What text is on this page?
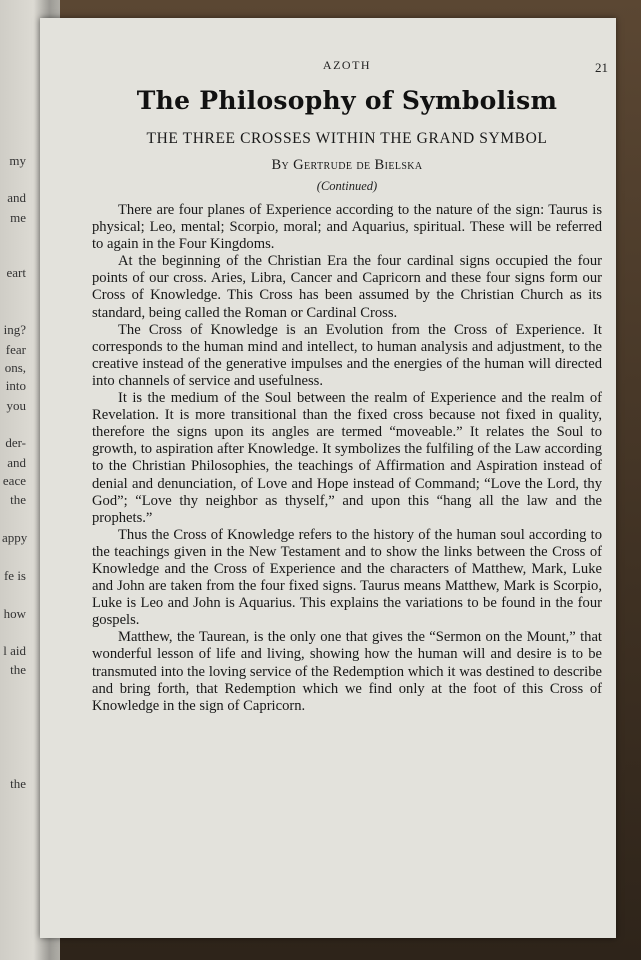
my
and
me
eart
ing?
fear
ons,
into
you
der-
and
eace
the
appy
fe is
how
l aid
the
the
AZOTH	21
The Philosophy of Symbolism
THE THREE CROSSES WITHIN THE GRAND SYMBOL
By Gertrude de Bielska
(Continued)

There are four planes of Experience according to the nature of the sign: Taurus is physical; Leo, mental; Scorpio, moral; and Aquarius, spiritual. These will be referred to again in the Four Kingdoms.

At the beginning of the Christian Era the four cardinal signs occupied the four points of our cross. Aries, Libra, Cancer and Capricorn and these four signs form our Cross of Knowledge. This Cross has been assumed by the Christian Church as its standard, being called the Roman or Cardinal Cross.

The Cross of Knowledge is an Evolution from the Cross of Experience. It corresponds to the human mind and intellect, to human analysis and adjustment, to the creative instead of the generative impulses and the energies of the human will directed into channels of service and usefulness.

It is the medium of the Soul between the realm of Experience and the realm of Revelation. It is more transitional than the fixed cross because not fixed in quality, therefore the signs upon its angles are termed “moveable.” It relates the Soul to growth, to aspiration after Knowledge. It symbolizes the fulfiling of the Law according to the Christian Philosophies, the teachings of Affirmation and Aspiration instead of denial and denunciation, of Love and Hope instead of Command; “Love the Lord, thy God”; “Love thy neighbor as thyself,” and upon this “hang all the law and the prophets.”

Thus the Cross of Knowledge refers to the history of the human soul according to the teachings given in the New Testament and to show the links between the Cross of Knowledge and the Cross of Experience and the characters of Matthew, Mark, Luke and John are taken from the four fixed signs. Taurus means Matthew, Mark is Scorpio, Luke is Leo and John is Aquarius. This explains the variations to be found in the four gospels.

Matthew, the Taurean, is the only one that gives the “Sermon on the Mount,” that wonderful lesson of life and living, showing how the human will and desire is to be transmuted into the loving service of the Redemption which it was destined to describe and bring forth, that Redemption which we find only at the foot of this Cross of Knowledge in the sign of Capricorn.
